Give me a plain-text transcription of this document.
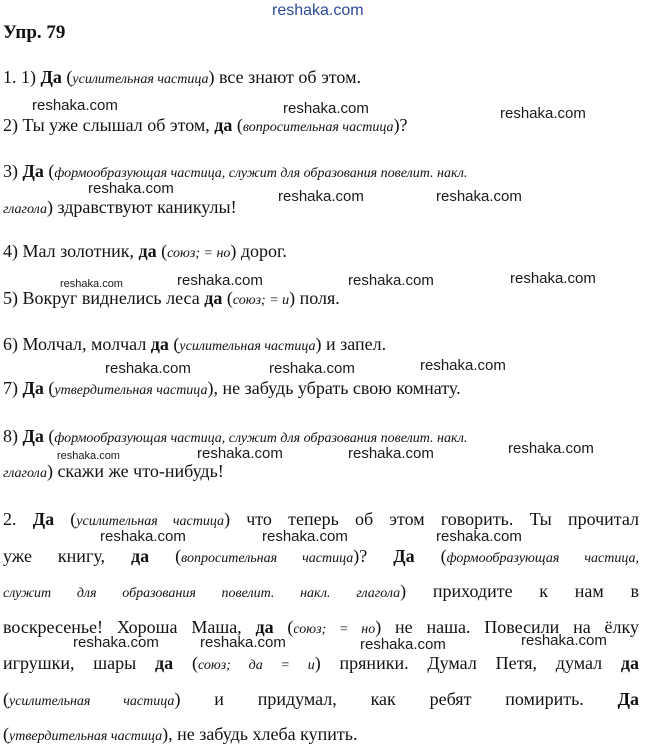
reshaka.com
Упр. 79
1. 1) Да (усилительная частица) все знают об этом.
reshaka.com	reshaka.com	reshaka.com
2) Ты уже слышал об этом, да (вопросительная частица)?
3) Да (формообразующая частица, служит для образования повелит. накл.
reshaka.com	reshaka.com	reshaka.com
глагола) здравствуют каникулы!
4) Мал золотник, да (союз; = но) дорог.
reshaka.com	reshaka.com	reshaka.com	reshaka.com
5) Вокруг виднелись леса да (союз; = и) поля.
6) Молчал, молчал да (усилительная частица) и запел.
reshaka.com	reshaka.com	reshaka.com
7) Да (утвердительная частица), не забудь убрать свою комнату.
8) Да (формообразующая частица, служит для образования повелит. накл.
reshaka.com	reshaka.com	reshaka.com	reshaka.com
глагола) скажи же что-нибудь!
2. Да (усилительная частица) что теперь об этом говорить. Ты прочитал
reshaka.com	reshaka.com	reshaka.com
уже книгу, да (вопросительная частица)? Да (формообразующая частица,
служит для образования повелит. накл. глагола) приходите к нам в
воскресенье! Хороша Маша, да (союз; = но) не наша. Повесили на ёлку
reshaka.com	reshaka.com	reshaka.com	reshaka.com
игрушки, шары да (союз; да = и) пряники. Думал Петя, думал да
(усилительная частица) и придумал, как ребят помирить. Да
(утвердительная частица), не забудь хлеба купить.
